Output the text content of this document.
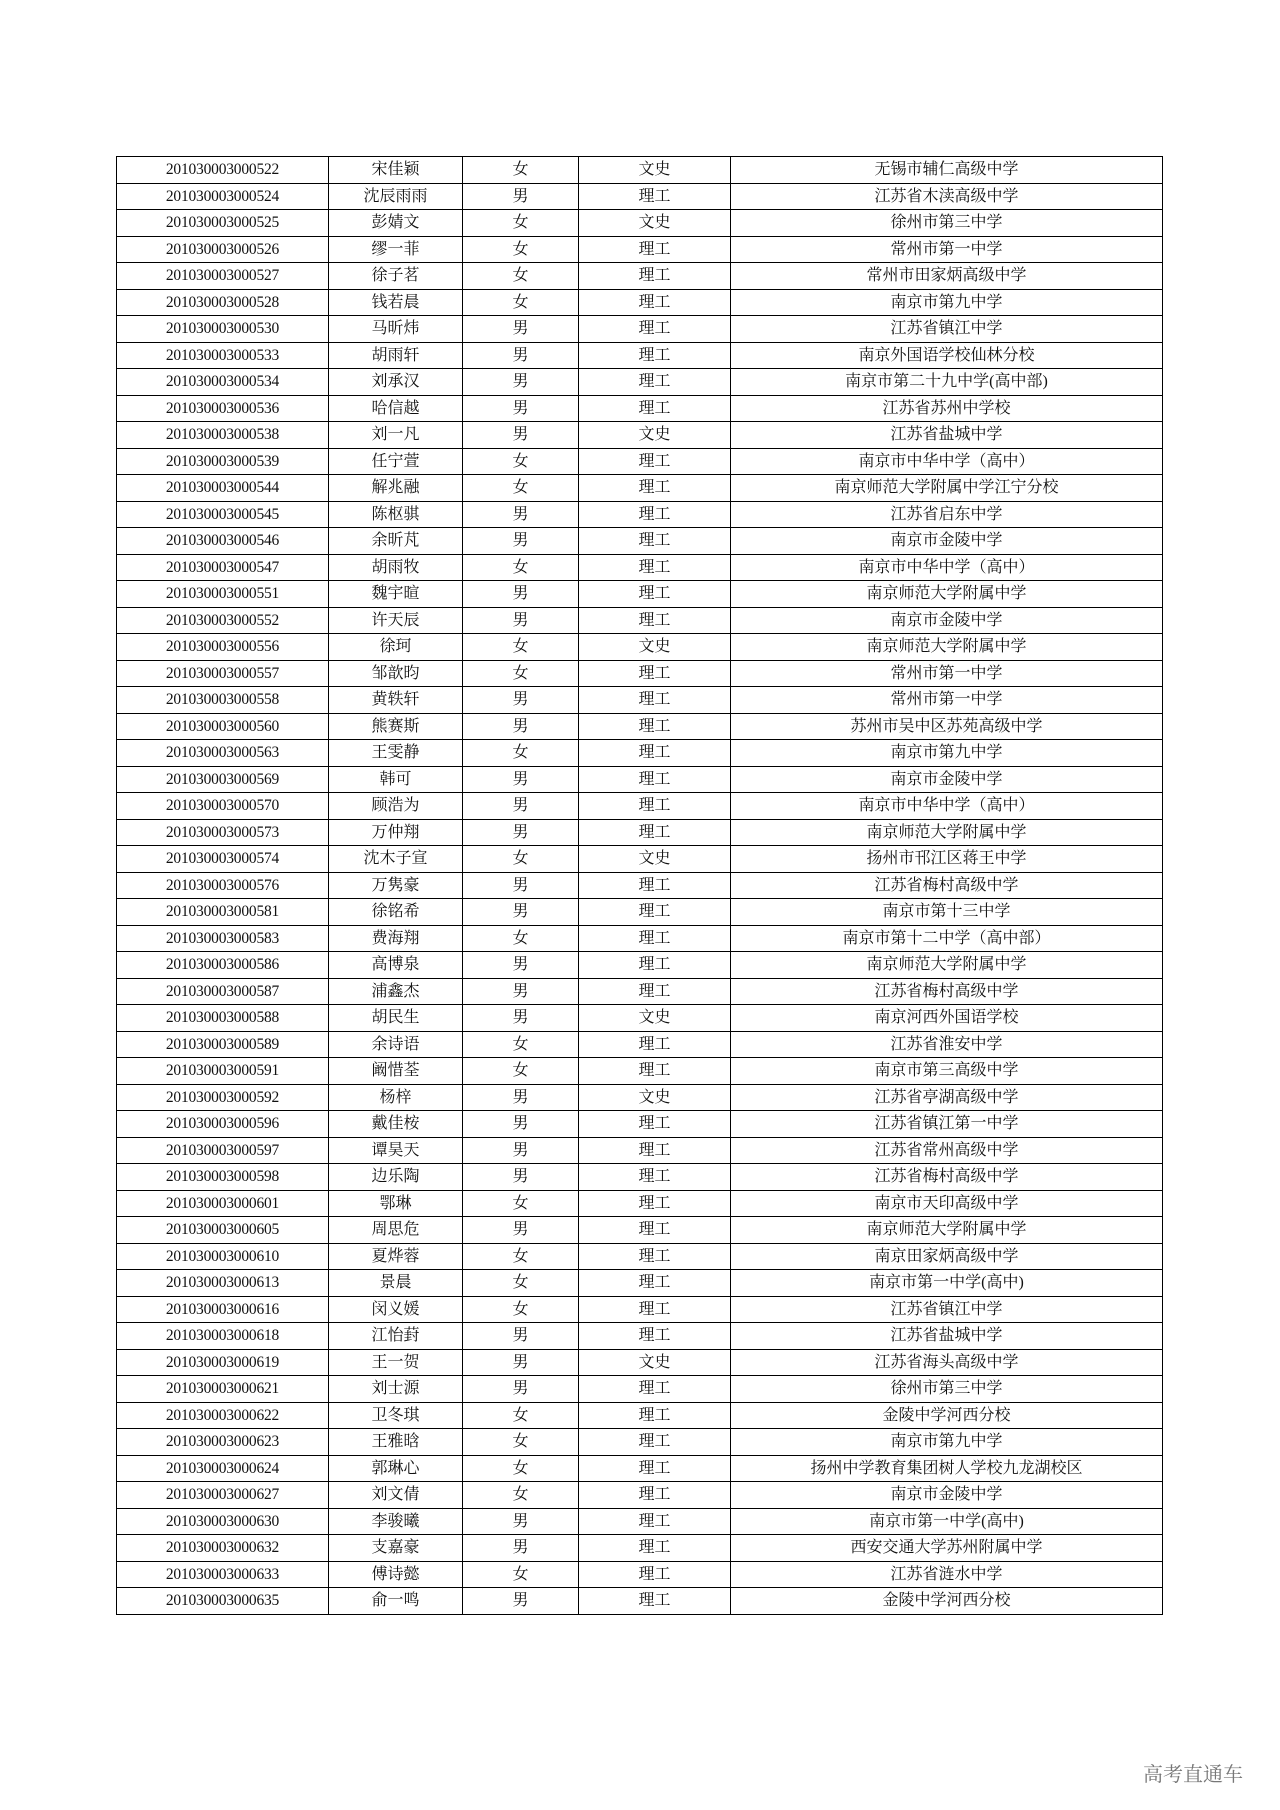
201030003000522	宋佳颖	女	文史	无锡市辅仁高级中学
201030003000524	沈辰雨雨	男	理工	江苏省木渎高级中学
201030003000525	彭婧文	女	文史	徐州市第三中学
201030003000526	缪一菲	女	理工	常州市第一中学
201030003000527	徐子茗	女	理工	常州市田家炳高级中学
201030003000528	钱若晨	女	理工	南京市第九中学
201030003000530	马昕炜	男	理工	江苏省镇江中学
201030003000533	胡雨轩	男	理工	南京外国语学校仙林分校
201030003000534	刘承汉	男	理工	南京市第二十九中学(高中部)
201030003000536	哈信越	男	理工	江苏省苏州中学校
201030003000538	刘一凡	男	文史	江苏省盐城中学
201030003000539	任宁萱	女	理工	南京市中华中学（高中）
201030003000544	解兆融	女	理工	南京师范大学附属中学江宁分校
201030003000545	陈枢骐	男	理工	江苏省启东中学
201030003000546	余昕芃	男	理工	南京市金陵中学
201030003000547	胡雨牧	女	理工	南京市中华中学（高中）
201030003000551	魏宇暄	男	理工	南京师范大学附属中学
201030003000552	许天辰	男	理工	南京市金陵中学
201030003000556	徐珂	女	文史	南京师范大学附属中学
201030003000557	邹歆昀	女	理工	常州市第一中学
201030003000558	黄轶轩	男	理工	常州市第一中学
201030003000560	熊赛斯	男	理工	苏州市吴中区苏苑高级中学
201030003000563	王雯静	女	理工	南京市第九中学
201030003000569	韩可	男	理工	南京市金陵中学
201030003000570	顾浩为	男	理工	南京市中华中学（高中）
201030003000573	万仲翔	男	理工	南京师范大学附属中学
201030003000574	沈木子宣	女	文史	扬州市邗江区蒋王中学
201030003000576	万隽豪	男	理工	江苏省梅村高级中学
201030003000581	徐铭希	男	理工	南京市第十三中学
201030003000583	费海翔	女	理工	南京市第十二中学（高中部）
201030003000586	高博泉	男	理工	南京师范大学附属中学
201030003000587	浦鑫杰	男	理工	江苏省梅村高级中学
201030003000588	胡民生	男	文史	南京河西外国语学校
201030003000589	余诗语	女	理工	江苏省淮安中学
201030003000591	阚惜荃	女	理工	南京市第三高级中学
201030003000592	杨梓	男	文史	江苏省亭湖高级中学
201030003000596	戴佳桉	男	理工	江苏省镇江第一中学
201030003000597	谭昊天	男	理工	江苏省常州高级中学
201030003000598	边乐陶	男	理工	江苏省梅村高级中学
201030003000601	鄂琳	女	理工	南京市天印高级中学
201030003000605	周思危	男	理工	南京师范大学附属中学
201030003000610	夏烨蓉	女	理工	南京田家炳高级中学
201030003000613	景晨	女	理工	南京市第一中学(高中)
201030003000616	闵义媛	女	理工	江苏省镇江中学
201030003000618	江怡葑	男	理工	江苏省盐城中学
201030003000619	王一贺	男	文史	江苏省海头高级中学
201030003000621	刘士源	男	理工	徐州市第三中学
201030003000622	卫冬琪	女	理工	金陵中学河西分校
201030003000623	王雅晗	女	理工	南京市第九中学
201030003000624	郭琳心	女	理工	扬州中学教育集团树人学校九龙湖校区
201030003000627	刘文倩	女	理工	南京市金陵中学
201030003000630	李骏曦	男	理工	南京市第一中学(高中)
201030003000632	支嘉豪	男	理工	西安交通大学苏州附属中学
201030003000633	傅诗懿	女	理工	江苏省涟水中学
201030003000635	俞一鸣	男	理工	金陵中学河西分校
高考直通车
